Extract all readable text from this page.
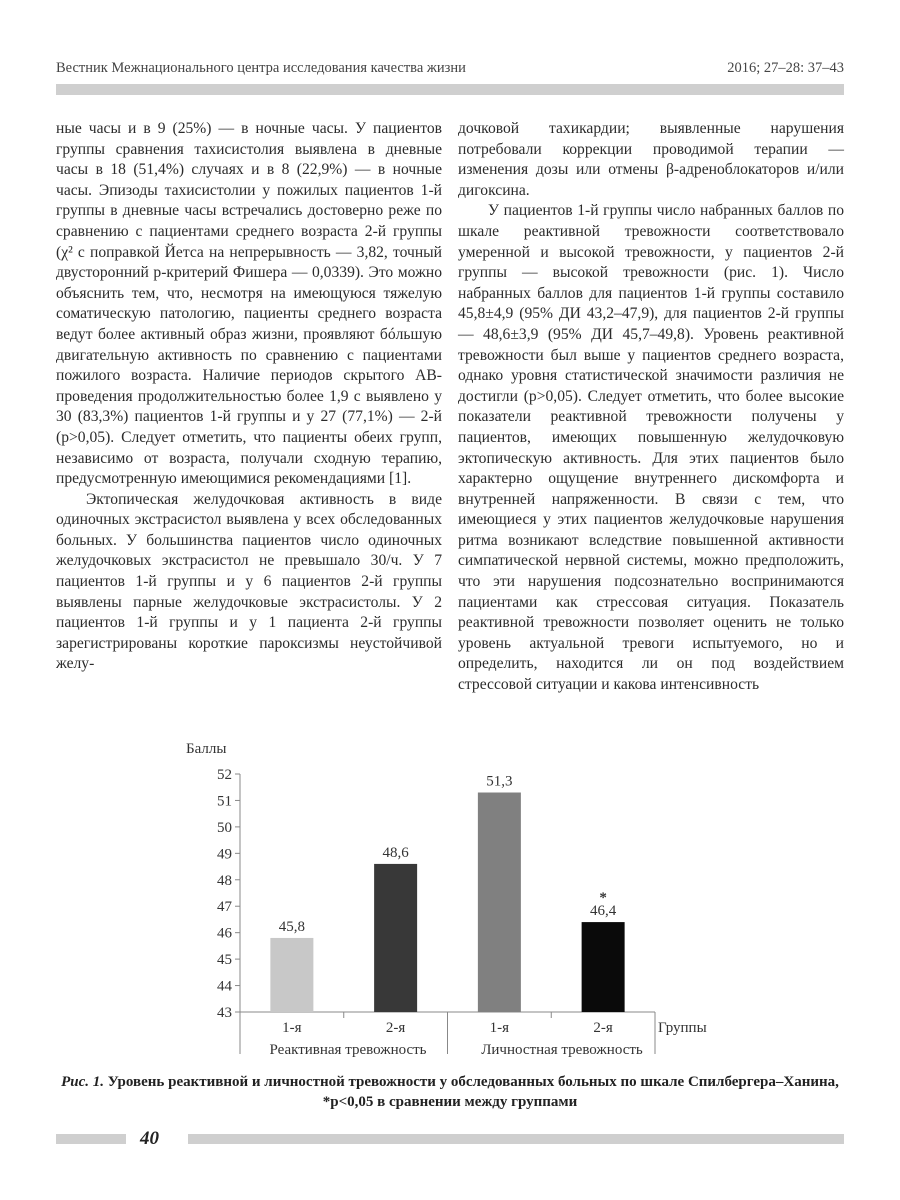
Вестник Межнационального центра исследования качества жизни	2016; 27–28: 37–43

ные часы и в 9 (25%) — в ночные часы. У пациентов группы сравнения тахисистолия выявлена в дневные часы в 18 (51,4%) случаях и в 8 (22,9%) — в ночные часы. Эпизоды тахисистолии у пожилых пациентов 1-й группы в дневные часы встречались достоверно реже по сравнению с пациентами среднего возраста 2-й группы (χ² с поправкой Йетса на непрерывность — 3,82, точный двусторонний p-критерий Фишера — 0,0339). Это можно объяснить тем, что, несмотря на имеющуюся тяжелую соматическую патологию, пациенты среднего возраста ведут более активный образ жизни, проявляют бóльшую двигательную активность по сравнению с пациентами пожилого возраста. Наличие периодов скрытого АВ-проведения продолжительностью более 1,9 с выявлено у 30 (83,3%) пациентов 1-й группы и у 27 (77,1%) — 2-й (p>0,05). Следует отметить, что пациенты обеих групп, независимо от возраста, получали сходную терапию, предусмотренную имеющимися рекомендациями [1].

Эктопическая желудочковая активность в виде одиночных экстрасистол выявлена у всех обследованных больных. У большинства пациентов число одиночных желудочковых экстрасистол не превышало 30/ч. У 7 пациентов 1-й группы и у 6 пациентов 2-й группы выявлены парные желудочковые экстрасистолы. У 2 пациентов 1-й группы и у 1 пациента 2-й группы зарегистрированы короткие пароксизмы неустойчивой желу-

дочковой тахикардии; выявленные нарушения потребовали коррекции проводимой терапии — изменения дозы или отмены β-адреноблокаторов и/или дигоксина.

У пациентов 1-й группы число набранных баллов по шкале реактивной тревожности соответствовало умеренной и высокой тревожности, у пациентов 2-й группы — высокой тревожности (рис. 1). Число набранных баллов для пациентов 1-й группы составило 45,8±4,9 (95% ДИ 43,2–47,9), для пациентов 2-й группы — 48,6±3,9 (95% ДИ 45,7–49,8). Уровень реактивной тревожности был выше у пациентов среднего возраста, однако уровня статистической значимости различия не достигли (p>0,05). Следует отметить, что более высокие показатели реактивной тревожности получены у пациентов, имеющих повышенную желудочковую эктопическую активность. Для этих пациентов было характерно ощущение внутреннего дискомфорта и внутренней напряженности. В связи с тем, что имеющиеся у этих пациентов желудочковые нарушения ритма возникают вследствие повышенной активности симпатической нервной системы, можно предположить, что эти нарушения подсознательно воспринимаются пациентами как стрессовая ситуация. Показатель реактивной тревожности позволяет оценить не только уровень актуальной тревоги испытуемого, но и определить, находится ли он под воздействием стрессовой ситуации и какова интенсивность

Баллы
Группы
Реактивная тревожность	Личностная тревожность
43
44
45
46
47
48
49
50
51
52
45,8
1-я
48,6
2-я
51,3
1-я
46,4
*
2-я
Рис. 1. Уровень реактивной и личностной тревожности у обследованных больных по шкале Спилбергера–Ханина, *p<0,05 в сравнении между группами
40
